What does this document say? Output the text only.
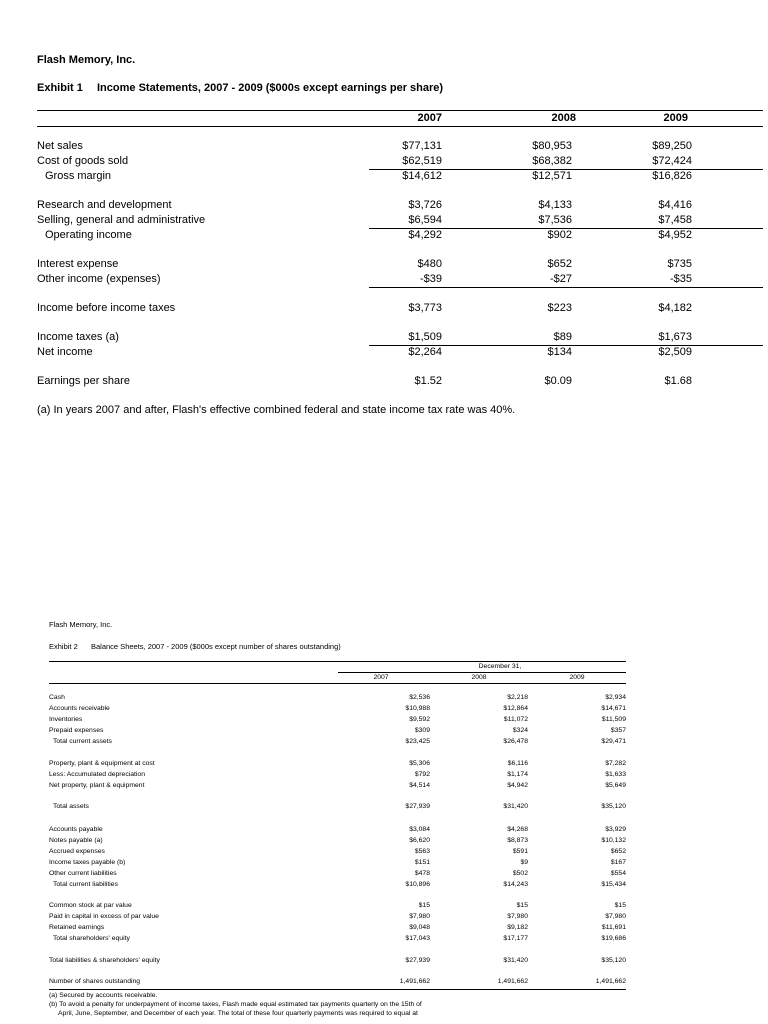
Flash Memory, Inc.
Exhibit 1 Income Statements, 2007 - 2009 ($000s except earnings per share)
2007	2008	2009
Net sales	$77,131	$80,953	$89,250
Cost of goods sold	$62,519	$68,382	$72,424
Gross margin	$14,612	$12,571	$16,826
Research and development	$3,726	$4,133	$4,416
Selling, general and administrative	$6,594	$7,536	$7,458
Operating income	$4,292	$902	$4,952
Interest expense	$480	$652	$735
Other income (expenses)	-$39	-$27	-$35
Income before income taxes	$3,773	$223	$4,182
Income taxes (a)	$1,509	$89	$1,673
Net income	$2,264	$134	$2,509
Earnings per share	$1.52	$0.09	$1.68
(a) In years 2007 and after, Flash's effective combined federal and state income tax rate was 40%.
Flash Memory, Inc.
Exhibit 2 Balance Sheets, 2007 - 2009 ($000s except number of shares outstanding)
December 31,
2007	2008	2009
Cash	$2,536	$2,218	$2,934
Accounts receivable	$10,988	$12,864	$14,671
Inventories	$9,592	$11,072	$11,509
Prepaid expenses	$309	$324	$357
Total current assets	$23,425	$26,478	$29,471
Property, plant & equipment at cost	$5,306	$6,116	$7,282
Less: Accumulated depreciation	$792	$1,174	$1,633
Net property, plant & equipment	$4,514	$4,942	$5,649
Total assets	$27,939	$31,420	$35,120
Accounts payable	$3,084	$4,268	$3,929
Notes payable (a)	$6,620	$8,873	$10,132
Accrued expenses	$563	$591	$652
Income taxes payable (b)	$151	$9	$167
Other current liabilities	$478	$502	$554
Total current liabilities	$10,896	$14,243	$15,434
Common stock at par value	$15	$15	$15
Paid in capital in excess of par value	$7,980	$7,980	$7,980
Retained earnings	$9,048	$9,182	$11,691
Total shareholders' equity	$17,043	$17,177	$19,686
Total liabilities & shareholders' equity	$27,939	$31,420	$35,120
Number of shares outstanding	1,491,662	1,491,662	1,491,662
(a) Secured by accounts receivable.
(b) To avoid a penalty for underpayment of income taxes, Flash made equal estimated tax payments quarterly on the 15th of
April, June, September, and December of each year. The total of these four quarterly payments was required to equal at
